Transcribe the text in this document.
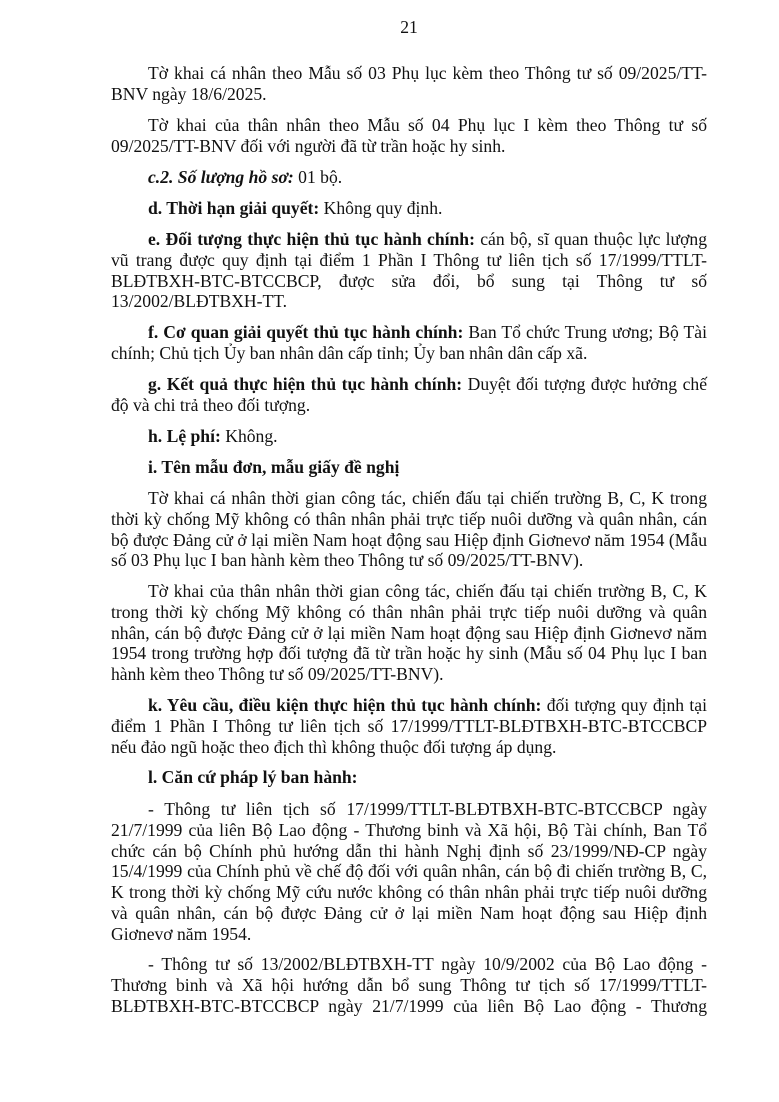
21

Tờ khai cá nhân theo Mẫu số 03 Phụ lục kèm theo Thông tư số 09/2025/TT-BNV ngày 18/6/2025.

Tờ khai của thân nhân theo Mẫu số 04 Phụ lục I kèm theo Thông tư số 09/2025/TT-BNV đối với người đã từ trần hoặc hy sinh.

c.2. Số lượng hồ sơ: 01 bộ.

d. Thời hạn giải quyết: Không quy định.

e. Đối tượng thực hiện thủ tục hành chính: cán bộ, sĩ quan thuộc lực lượng vũ trang được quy định tại điểm 1 Phần I Thông tư liên tịch số 17/1999/TTLT-BLĐTBXH-BTC-BTCCBCP, được sửa đổi, bổ sung tại Thông tư số 13/2002/BLĐTBXH-TT.

f. Cơ quan giải quyết thủ tục hành chính: Ban Tổ chức Trung ương; Bộ Tài chính; Chủ tịch Ủy ban nhân dân cấp tỉnh; Ủy ban nhân dân cấp xã.

g. Kết quả thực hiện thủ tục hành chính: Duyệt đối tượng được hưởng chế độ và chi trả theo đối tượng.

h. Lệ phí: Không.

i. Tên mẫu đơn, mẫu giấy đề nghị

Tờ khai cá nhân thời gian công tác, chiến đấu tại chiến trường B, C, K trong thời kỳ chống Mỹ không có thân nhân phải trực tiếp nuôi dưỡng và quân nhân, cán bộ được Đảng cử ở lại miền Nam hoạt động sau Hiệp định Giơnevơ năm 1954 (Mẫu số 03 Phụ lục I ban hành kèm theo Thông tư số 09/2025/TT-BNV).

Tờ khai của thân nhân thời gian công tác, chiến đấu tại chiến trường B, C, K trong thời kỳ chống Mỹ không có thân nhân phải trực tiếp nuôi dưỡng và quân nhân, cán bộ được Đảng cử ở lại miền Nam hoạt động sau Hiệp định Giơnevơ năm 1954 trong trường hợp đối tượng đã từ trần hoặc hy sinh (Mẫu số 04 Phụ lục I ban hành kèm theo Thông tư số 09/2025/TT-BNV).

k. Yêu cầu, điều kiện thực hiện thủ tục hành chính: đối tượng quy định tại điểm 1 Phần I Thông tư liên tịch số 17/1999/TTLT-BLĐTBXH-BTC-BTCCBCP nếu đảo ngũ hoặc theo địch thì không thuộc đối tượng áp dụng.

l. Căn cứ pháp lý ban hành:

- Thông tư liên tịch số 17/1999/TTLT-BLĐTBXH-BTC-BTCCBCP ngày 21/7/1999 của liên Bộ Lao động - Thương binh và Xã hội, Bộ Tài chính, Ban Tổ chức cán bộ Chính phủ hướng dẫn thi hành Nghị định số 23/1999/NĐ-CP ngày 15/4/1999 của Chính phủ về chế độ đối với quân nhân, cán bộ đi chiến trường B, C, K trong thời kỳ chống Mỹ cứu nước không có thân nhân phải trực tiếp nuôi dưỡng và quân nhân, cán bộ được Đảng cử ở lại miền Nam hoạt động sau Hiệp định Giơnevơ năm 1954.

- Thông tư số 13/2002/BLĐTBXH-TT ngày 10/9/2002 của Bộ Lao động - Thương binh và Xã hội hướng dẫn bổ sung Thông tư tịch số 17/1999/TTLT-BLĐTBXH-BTC-BTCCBCP ngày 21/7/1999 của liên Bộ Lao động - Thương
